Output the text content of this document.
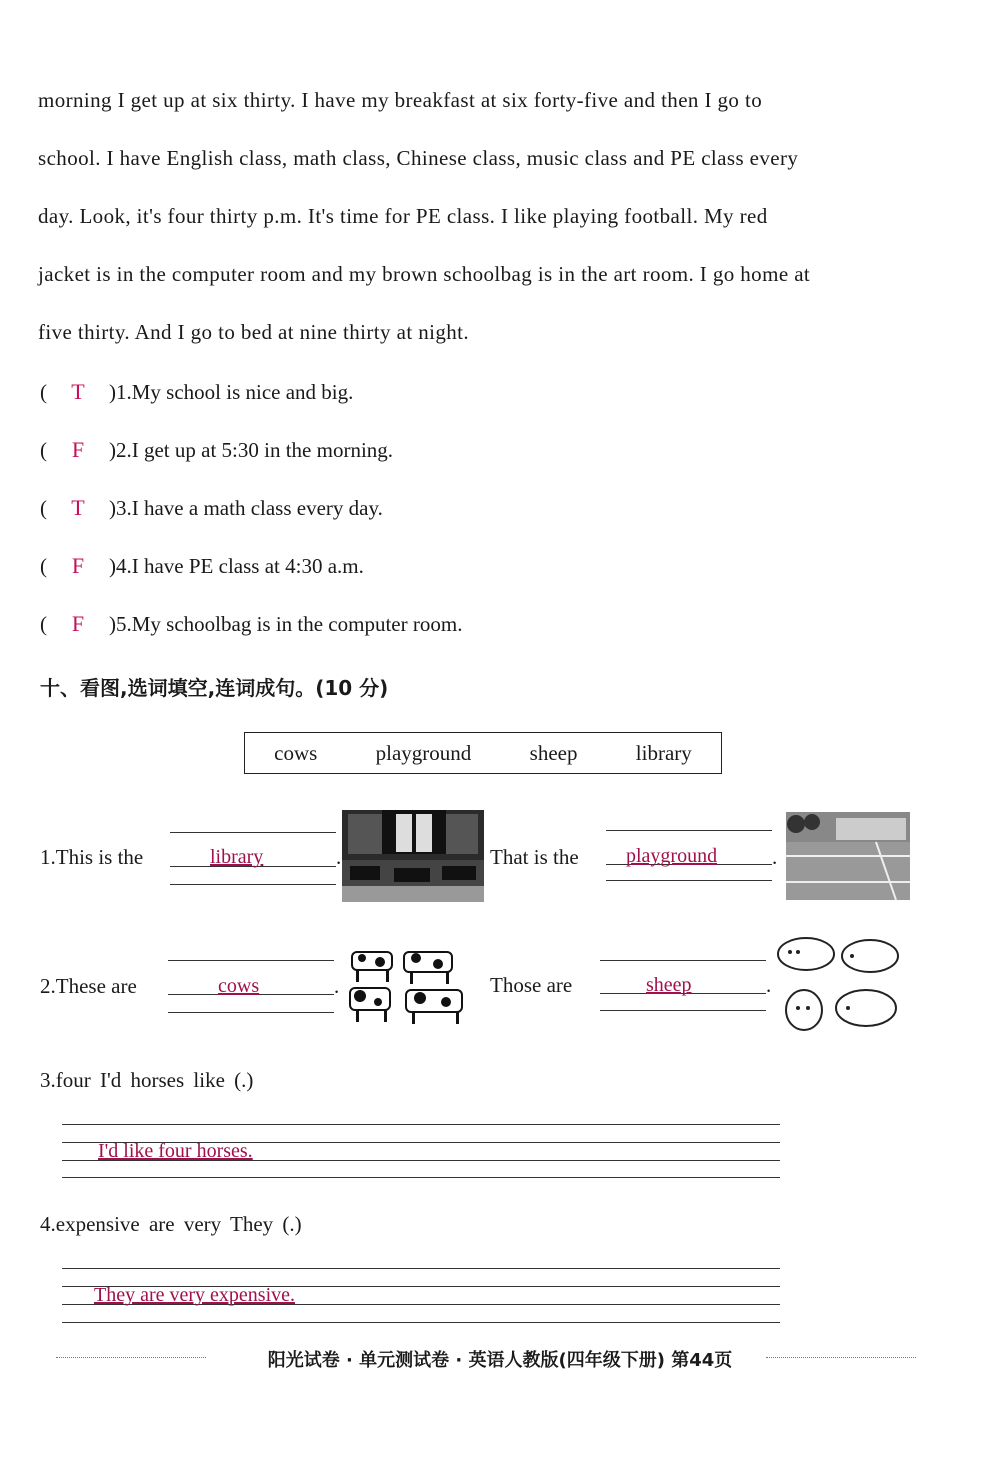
morning I get up at six thirty. I have my breakfast at six forty-five and then I go to
school. I have English class, math class, Chinese class, music class and PE class every
day. Look, it's four thirty p.m. It's time for PE class. I like playing football. My red
jacket is in the computer room and my brown schoolbag is in the art room. I go home at
five thirty. And I go to bed at nine thirty at night.
( T )1.My school is nice and big.
( F )2.I get up at 5:30 in the morning.
( T )3.I have a math class every day.
( F )4.I have PE class at 4:30 a.m.
( F )5.My schoolbag is in the computer room.
十、看图,选词填空,连词成句。(10 分)
cows	playground	sheep	library
1.This is the	library	.	That is the playground	.
2.These are	cows	.	Those are	sheep	.
3.four I'd horses like (.)
I'd like four horses.
4.expensive are very They (.)
They are very expensive.
阳光试卷 · 单元测试卷 · 英语人教版(四年级下册) 第44页
